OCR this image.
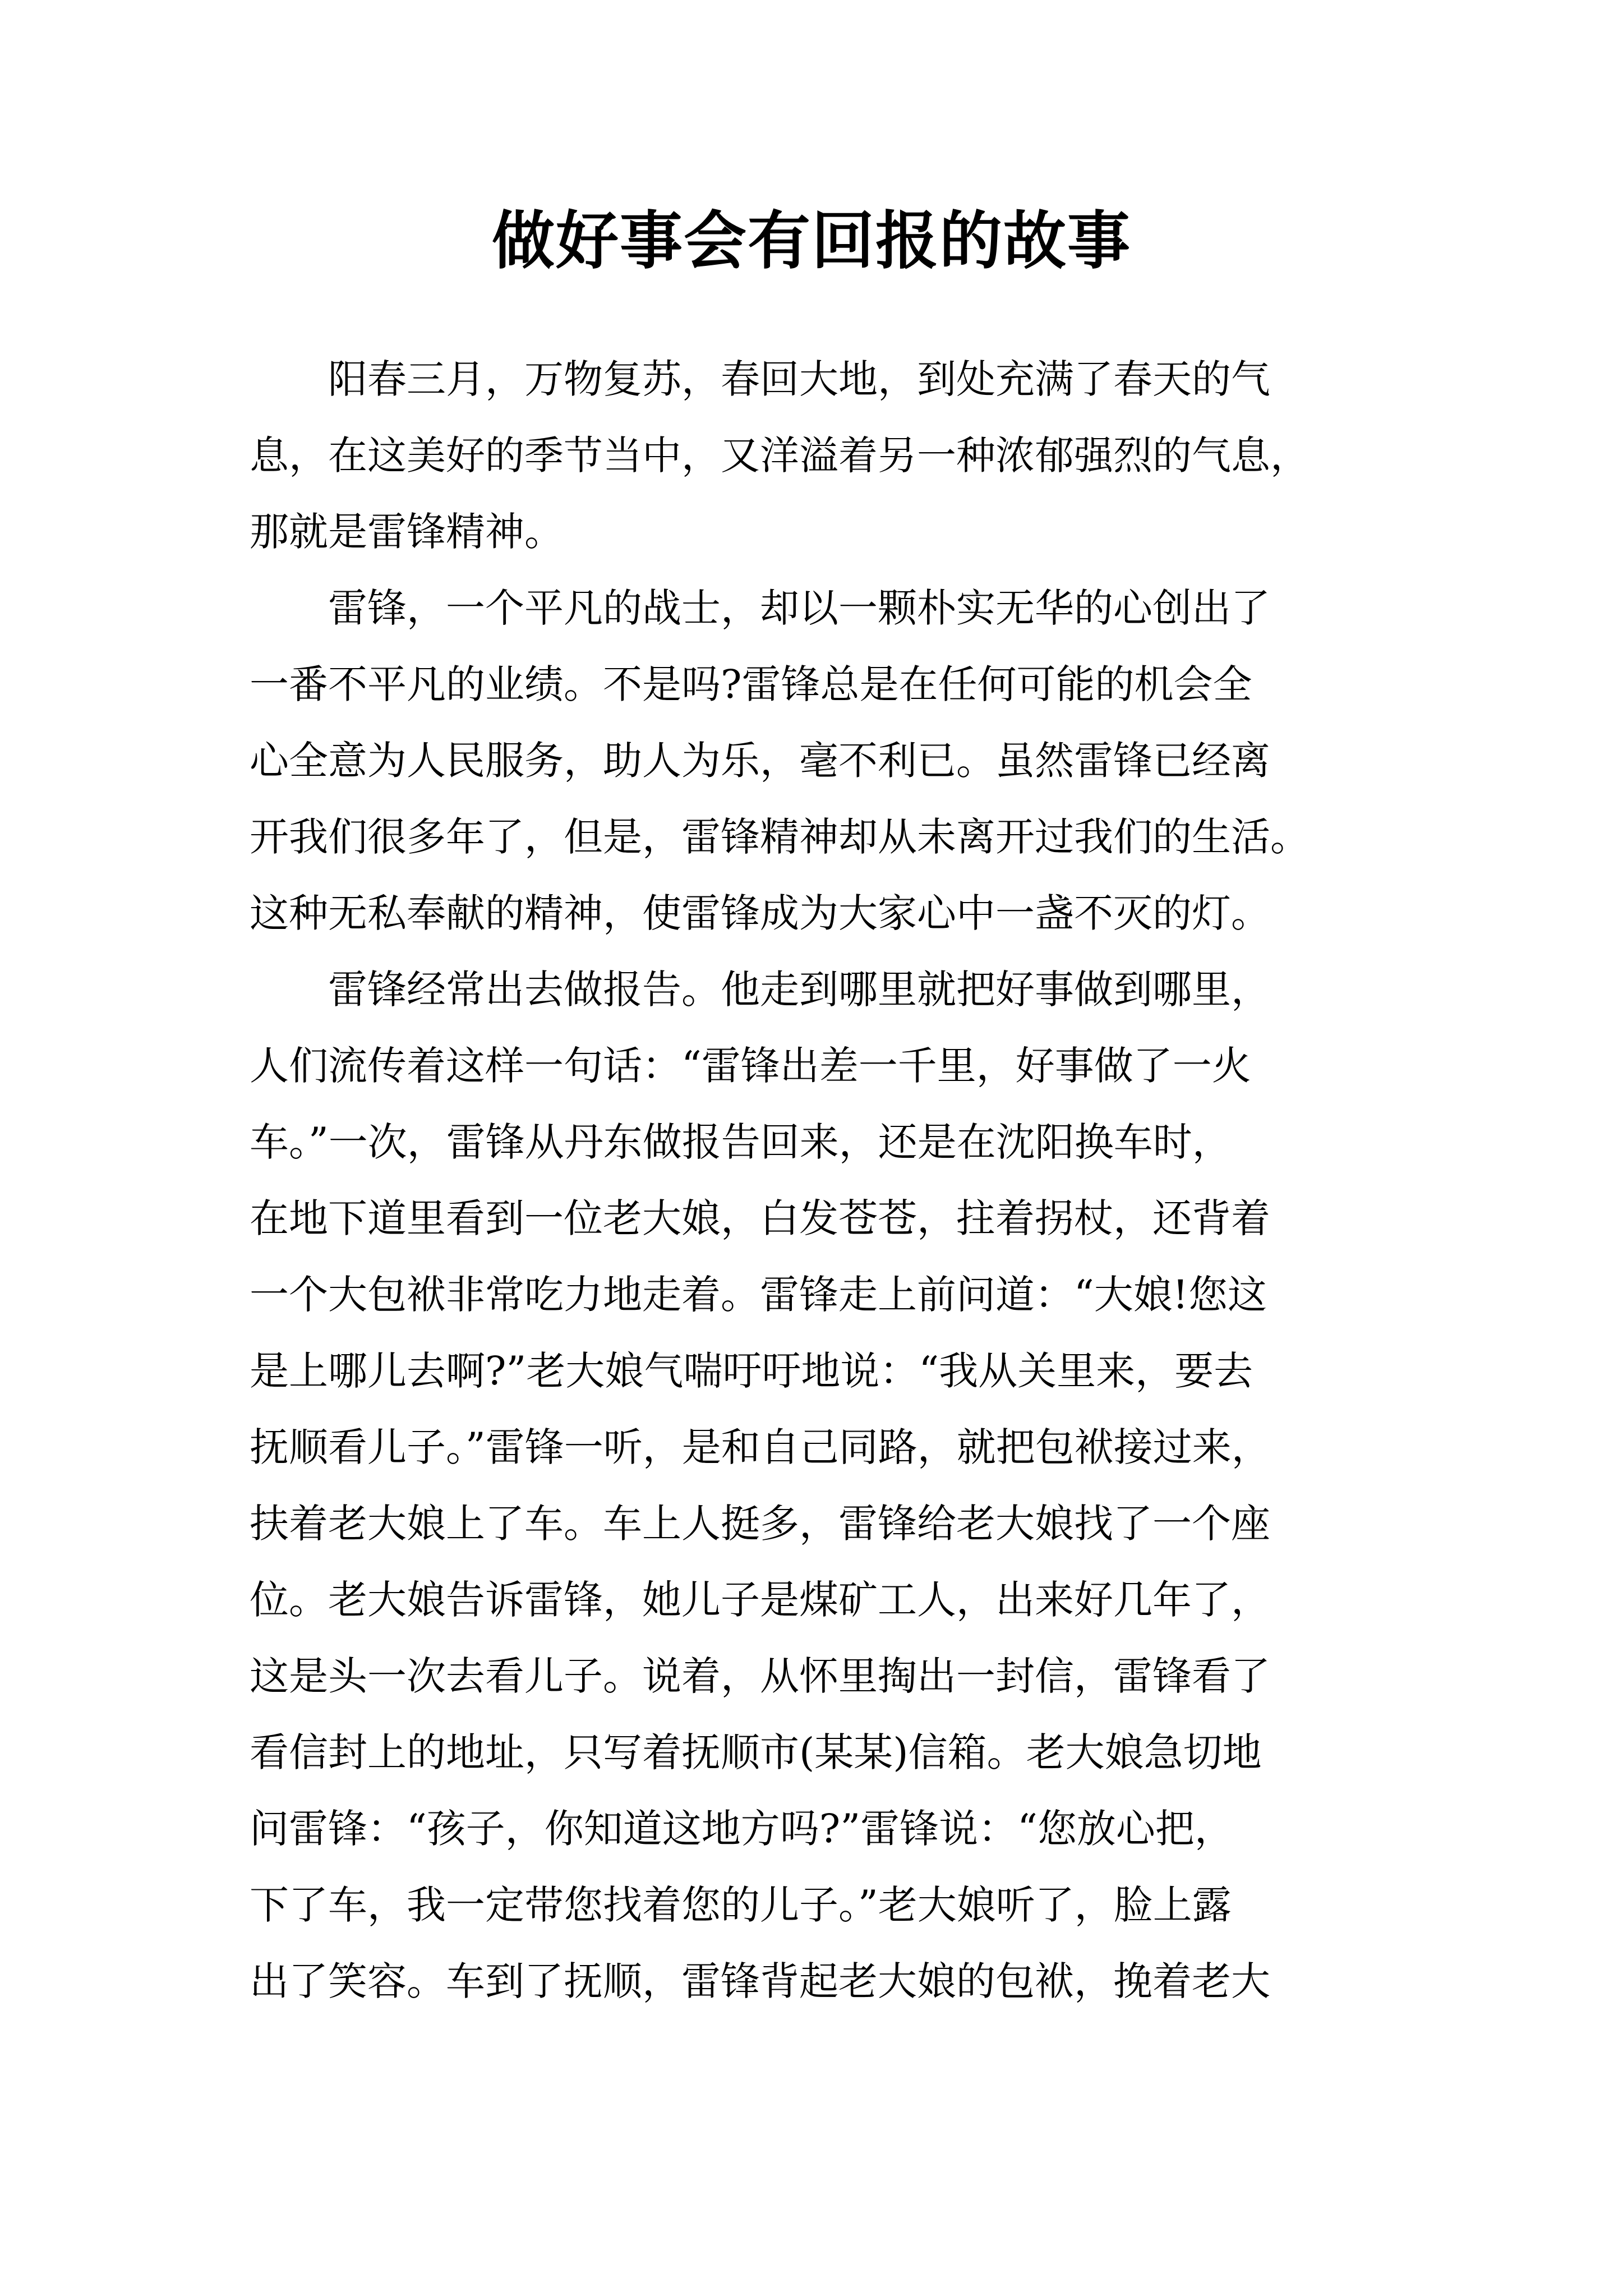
做好事会有回报的故事
　　阳春三月，万物复苏，春回大地，到处充满了春天的气
息，在这美好的季节当中，又洋溢着另一种浓郁强烈的气息，
那就是雷锋精神。
　　雷锋，一个平凡的战士，却以一颗朴实无华的心创出了
一番不平凡的业绩。不是吗?雷锋总是在任何可能的机会全
心全意为人民服务，助人为乐，毫不利已。虽然雷锋已经离
开我们很多年了，但是，雷锋精神却从未离开过我们的生活。
这种无私奉献的精神，使雷锋成为大家心中一盏不灭的灯。
　　雷锋经常出去做报告。他走到哪里就把好事做到哪里，
人们流传着这样一句话：“雷锋出差一千里，好事做了一火
车。”一次，雷锋从丹东做报告回来，还是在沈阳换车时，
在地下道里看到一位老大娘，白发苍苍，拄着拐杖，还背着
一个大包袱非常吃力地走着。雷锋走上前问道：“大娘!您这
是上哪儿去啊?”老大娘气喘吁吁地说：“我从关里来，要去
抚顺看儿子。”雷锋一听，是和自己同路，就把包袱接过来，
扶着老大娘上了车。车上人挺多，雷锋给老大娘找了一个座
位。老大娘告诉雷锋，她儿子是煤矿工人，出来好几年了，
这是头一次去看儿子。说着，从怀里掏出一封信，雷锋看了
看信封上的地址，只写着抚顺市(某某)信箱。老大娘急切地
问雷锋：“孩子，你知道这地方吗?”雷锋说：“您放心把，
下了车，我一定带您找着您的儿子。”老大娘听了，脸上露
出了笑容。车到了抚顺，雷锋背起老大娘的包袱，挽着老大
